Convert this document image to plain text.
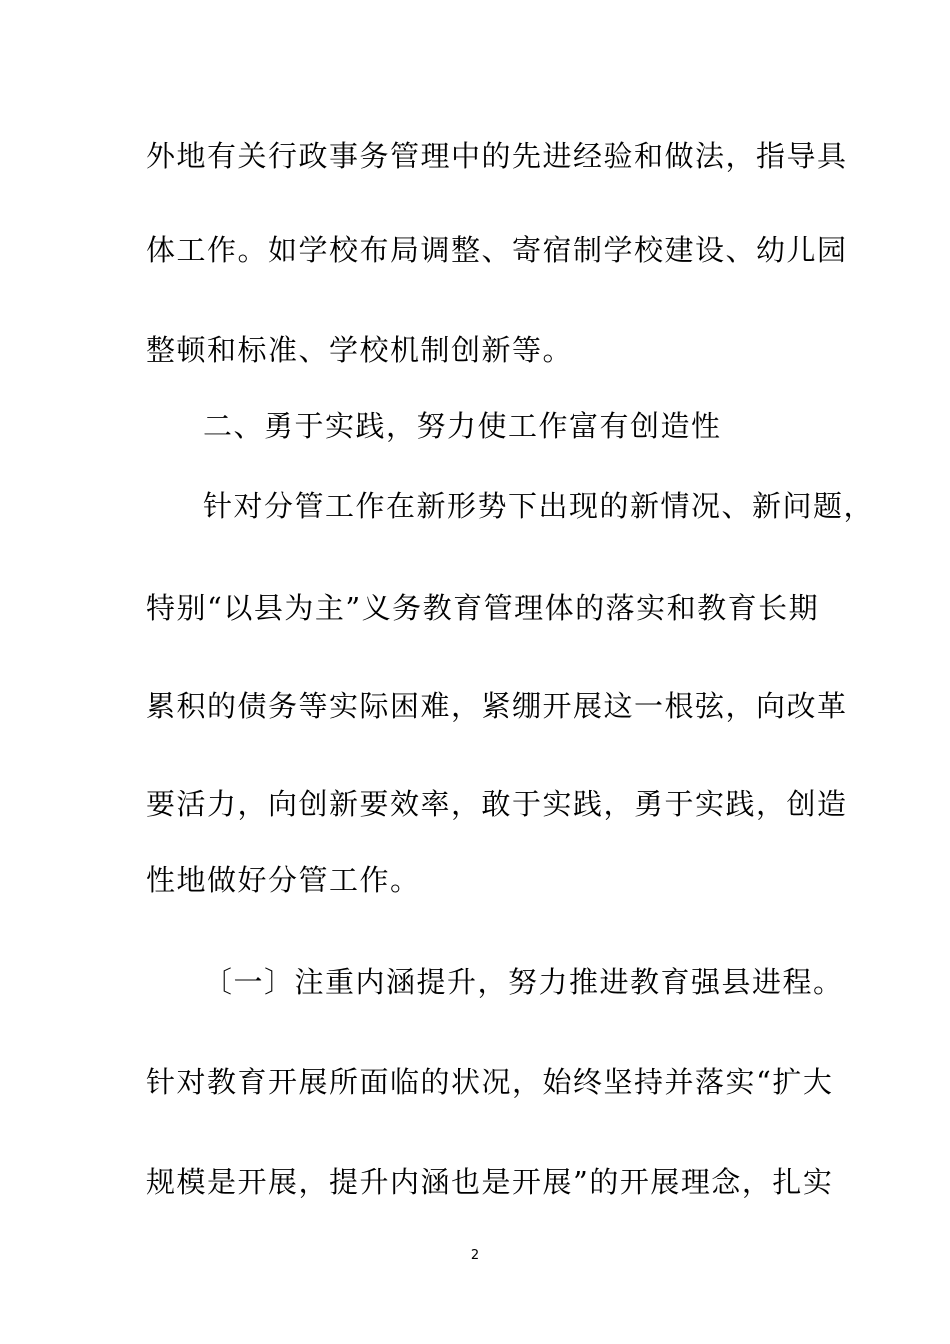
外地有关行政事务管理中的先进经验和做法，指导具
体工作。如学校布局调整、寄宿制学校建设、幼儿园
整顿和标准、学校机制创新等。
二、勇于实践，努力使工作富有创造性
针对分管工作在新形势下出现的新情况、新问题，
特别“以县为主”义务教育管理体的落实和教育长期
累积的债务等实际困难，紧绷开展这一根弦，向改革
要活力，向创新要效率，敢于实践，勇于实践，创造
性地做好分管工作。
〔一〕注重内涵提升，努力推进教育强县进程。
针对教育开展所面临的状况，始终坚持并落实“扩大
规模是开展，提升内涵也是开展”的开展理念，扎实
2
